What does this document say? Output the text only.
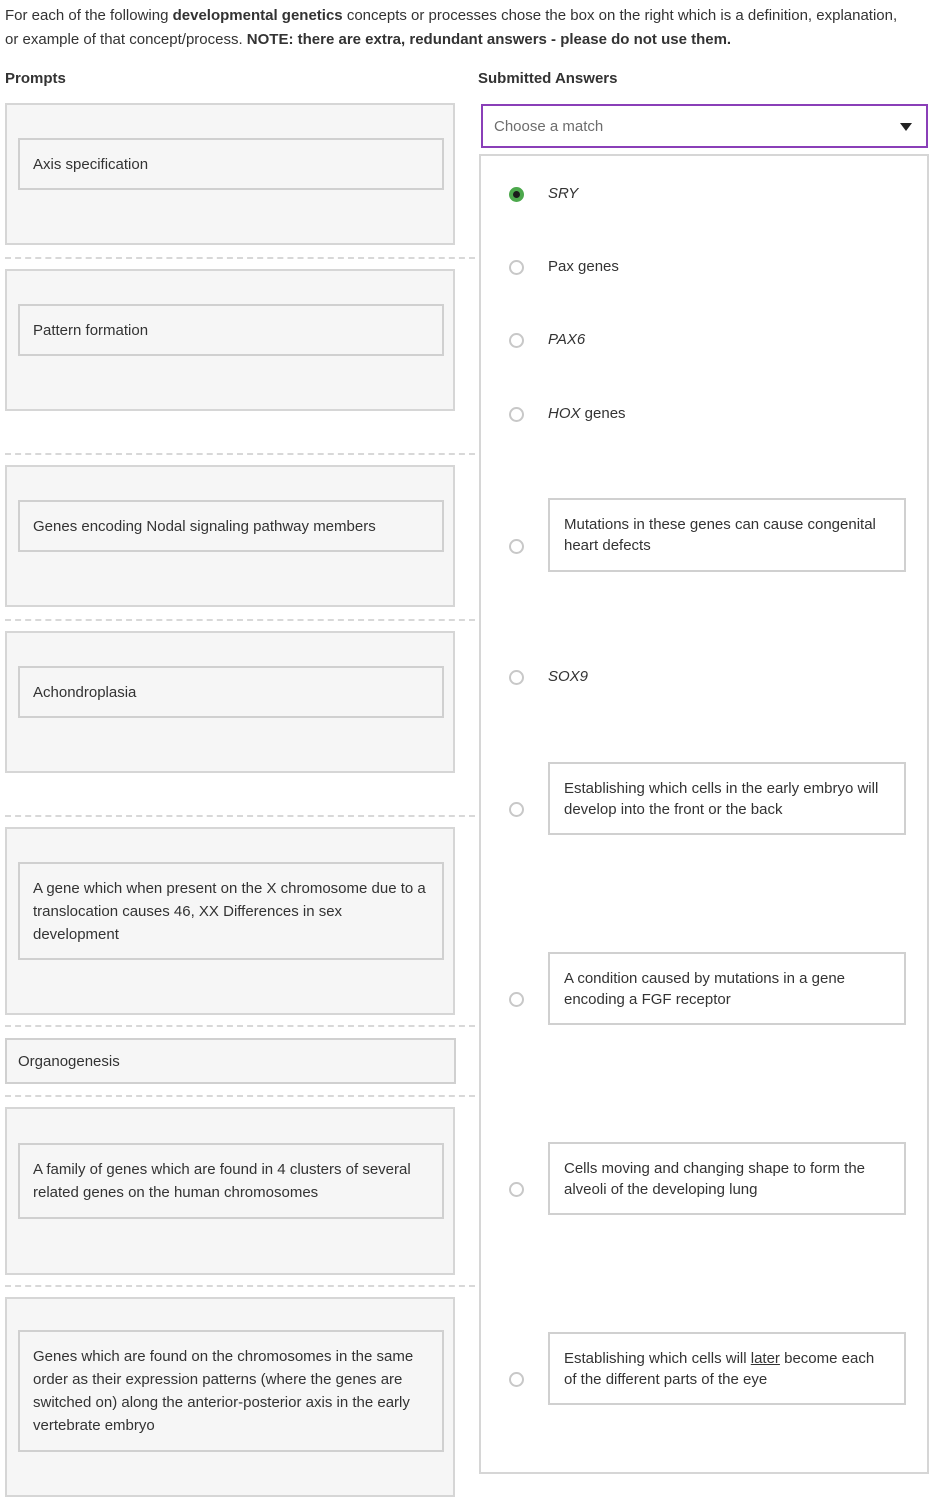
For each of the following developmental genetics concepts or processes chose the box on the right which is a definition, explanation, or example of that concept/process. NOTE: there are extra, redundant answers - please do not use them.
Prompts	Submitted Answers
Axis specification
Pattern formation
Genes encoding Nodal signaling pathway members
Achondroplasia
A gene which when present on the X chromosome due to a translocation causes 46, XX Differences in sex development
Organogenesis
A family of genes which are found in 4 clusters of several related genes on the human chromosomes
Genes which are found on the chromosomes in the same order as their expression patterns (where the genes are switched on) along the anterior-posterior axis in the early vertebrate embryo
Choose a match
SRY
Pax genes
PAX6
HOX genes
Mutations in these genes can cause congenital heart defects
SOX9
Establishing which cells in the early embryo will develop into the front or the back
A condition caused by mutations in a gene encoding a FGF receptor
Cells moving and changing shape to form the alveoli of the developing lung
Establishing which cells will later become each of the different parts of the eye
